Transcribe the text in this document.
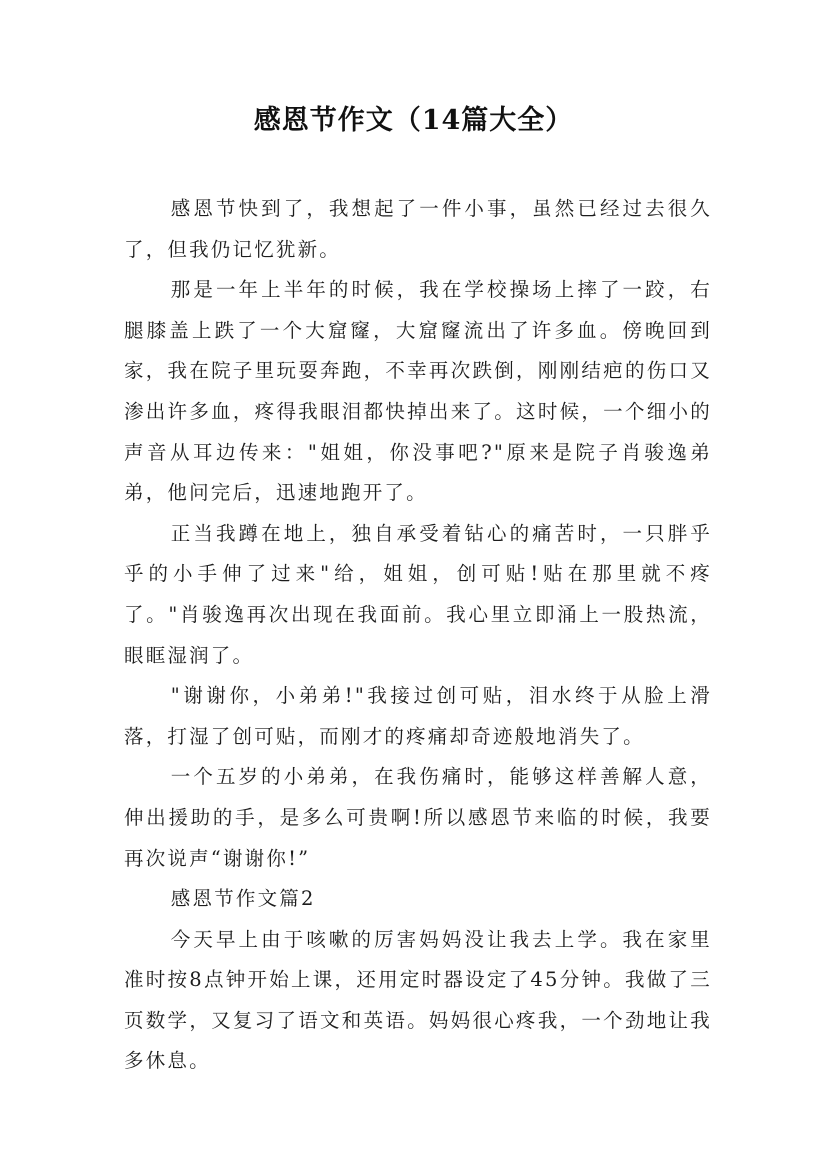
感恩节作文（14篇大全）

感恩节快到了，我想起了一件小事，虽然已经过去很久了，但我仍记忆犹新。

那是一年上半年的时候，我在学校操场上摔了一跤，右腿膝盖上跌了一个大窟窿，大窟窿流出了许多血。傍晚回到家，我在院子里玩耍奔跑，不幸再次跌倒，刚刚结疤的伤口又渗出许多血，疼得我眼泪都快掉出来了。这时候，一个细小的声音从耳边传来："姐姐，你没事吧?"原来是院子肖骏逸弟弟，他问完后，迅速地跑开了。

正当我蹲在地上，独自承受着钻心的痛苦时，一只胖乎乎的小手伸了过来"给，姐姐，创可贴!贴在那里就不疼了。"肖骏逸再次出现在我面前。我心里立即涌上一股热流，眼眶湿润了。

"谢谢你，小弟弟!"我接过创可贴，泪水终于从脸上滑落，打湿了创可贴，而刚才的疼痛却奇迹般地消失了。

一个五岁的小弟弟，在我伤痛时，能够这样善解人意，伸出援助的手，是多么可贵啊!所以感恩节来临的时候，我要再次说声“谢谢你!”

感恩节作文篇2

今天早上由于咳嗽的厉害妈妈没让我去上学。我在家里准时按8点钟开始上课，还用定时器设定了45分钟。我做了三页数学，又复习了语文和英语。妈妈很心疼我，一个劲地让我多休息。
